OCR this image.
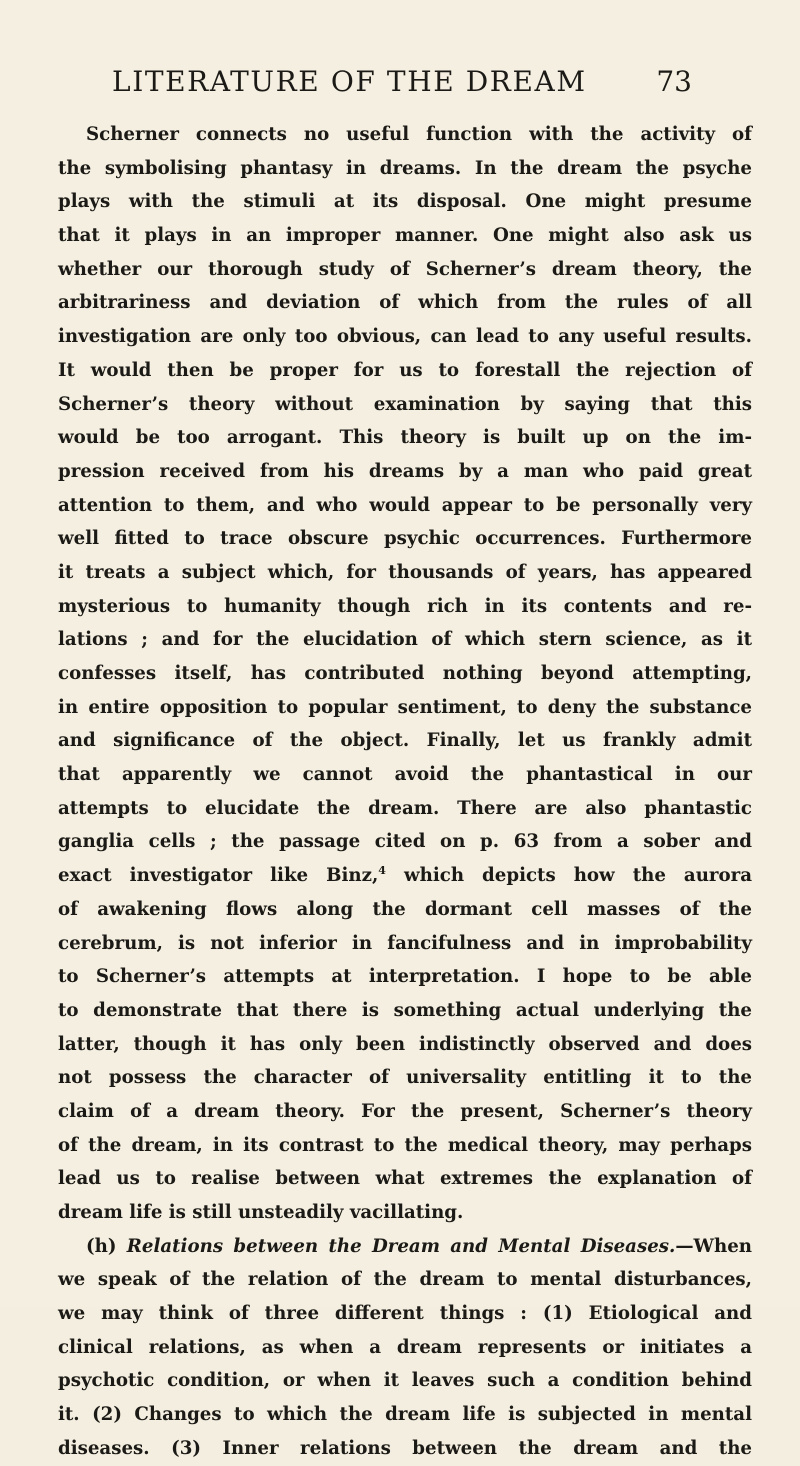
LITERATURE OF THE DREAM 73
Scherner connects no useful function with the activity of
the symbolising phantasy in dreams. In the dream the psyche
plays with the stimuli at its disposal. One might presume
that it plays in an improper manner. One might also ask us
whether our thorough study of Scherner’s dream theory, the
arbitrariness and deviation of which from the rules of all
investigation are only too obvious, can lead to any useful results.
It would then be proper for us to forestall the rejection of
Scherner’s theory without examination by saying that this
would be too arrogant. This theory is built up on the im-
pression received from his dreams by a man who paid great
attention to them, and who would appear to be personally very
well fitted to trace obscure psychic occurrences. Furthermore
it treats a subject which, for thousands of years, has appeared
mysterious to humanity though rich in its contents and re-
lations ; and for the elucidation of which stern science, as it
confesses itself, has contributed nothing beyond attempting,
in entire opposition to popular sentiment, to deny the substance
and significance of the object. Finally, let us frankly admit
that apparently we cannot avoid the phantastical in our
attempts to elucidate the dream. There are also phantastic
ganglia cells ; the passage cited on p. 63 from a sober and
exact investigator like Binz,$^4$ which depicts how the aurora
of awakening flows along the dormant cell masses of the
cerebrum, is not inferior in fancifulness and in improbability
to Scherner’s attempts at interpretation. I hope to be able
to demonstrate that there is something actual underlying the
latter, though it has only been indistinctly observed and does
not possess the character of universality entitling it to the
claim of a dream theory. For the present, Scherner’s theory
of the dream, in its contrast to the medical theory, may perhaps
lead us to realise between what extremes the explanation of
dream life is still unsteadily vacillating.
(h) Relations between the Dream and Mental Diseases.—When
we speak of the relation of the dream to mental disturbances,
we may think of three different things : (1) Etiological and
clinical relations, as when a dream represents or initiates a
psychotic condition, or when it leaves such a condition behind
it. (2) Changes to which the dream life is subjected in mental
diseases. (3) Inner relations between the dream and the
